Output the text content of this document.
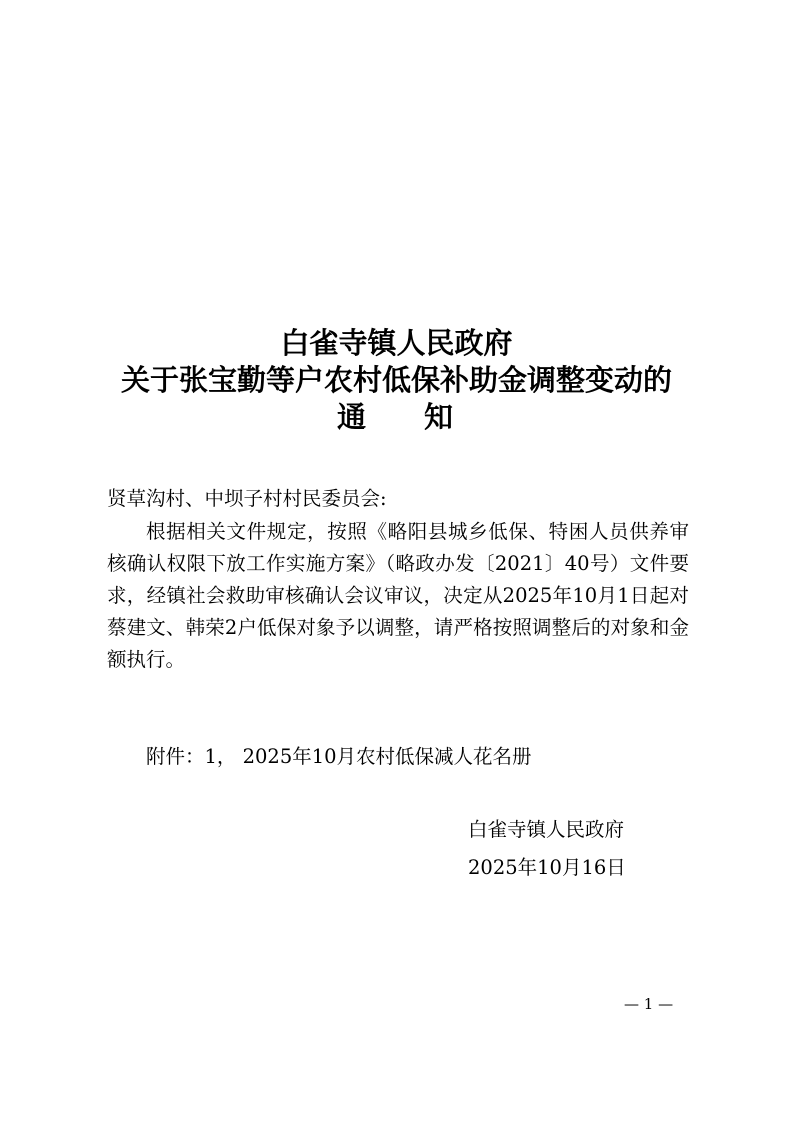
白雀寺镇人民政府
关于张宝勤等户农村低保补助金调整变动的
通知
贤草沟村、中坝子村村民委员会:
根据相关文件规定，按照《略阳县城乡低保、特困人员供养审核确认权限下放工作实施方案》（略政办发〔2021〕40号）文件要求，经镇社会救助审核确认会议审议，决定从2025年10月1日起对蔡建文、韩荣2户低保对象予以调整，请严格按照调整后的对象和金额执行。
附件：1， 2025年10月农村低保减人花名册
白雀寺镇人民政府
2025年10月16日
— 1 —
